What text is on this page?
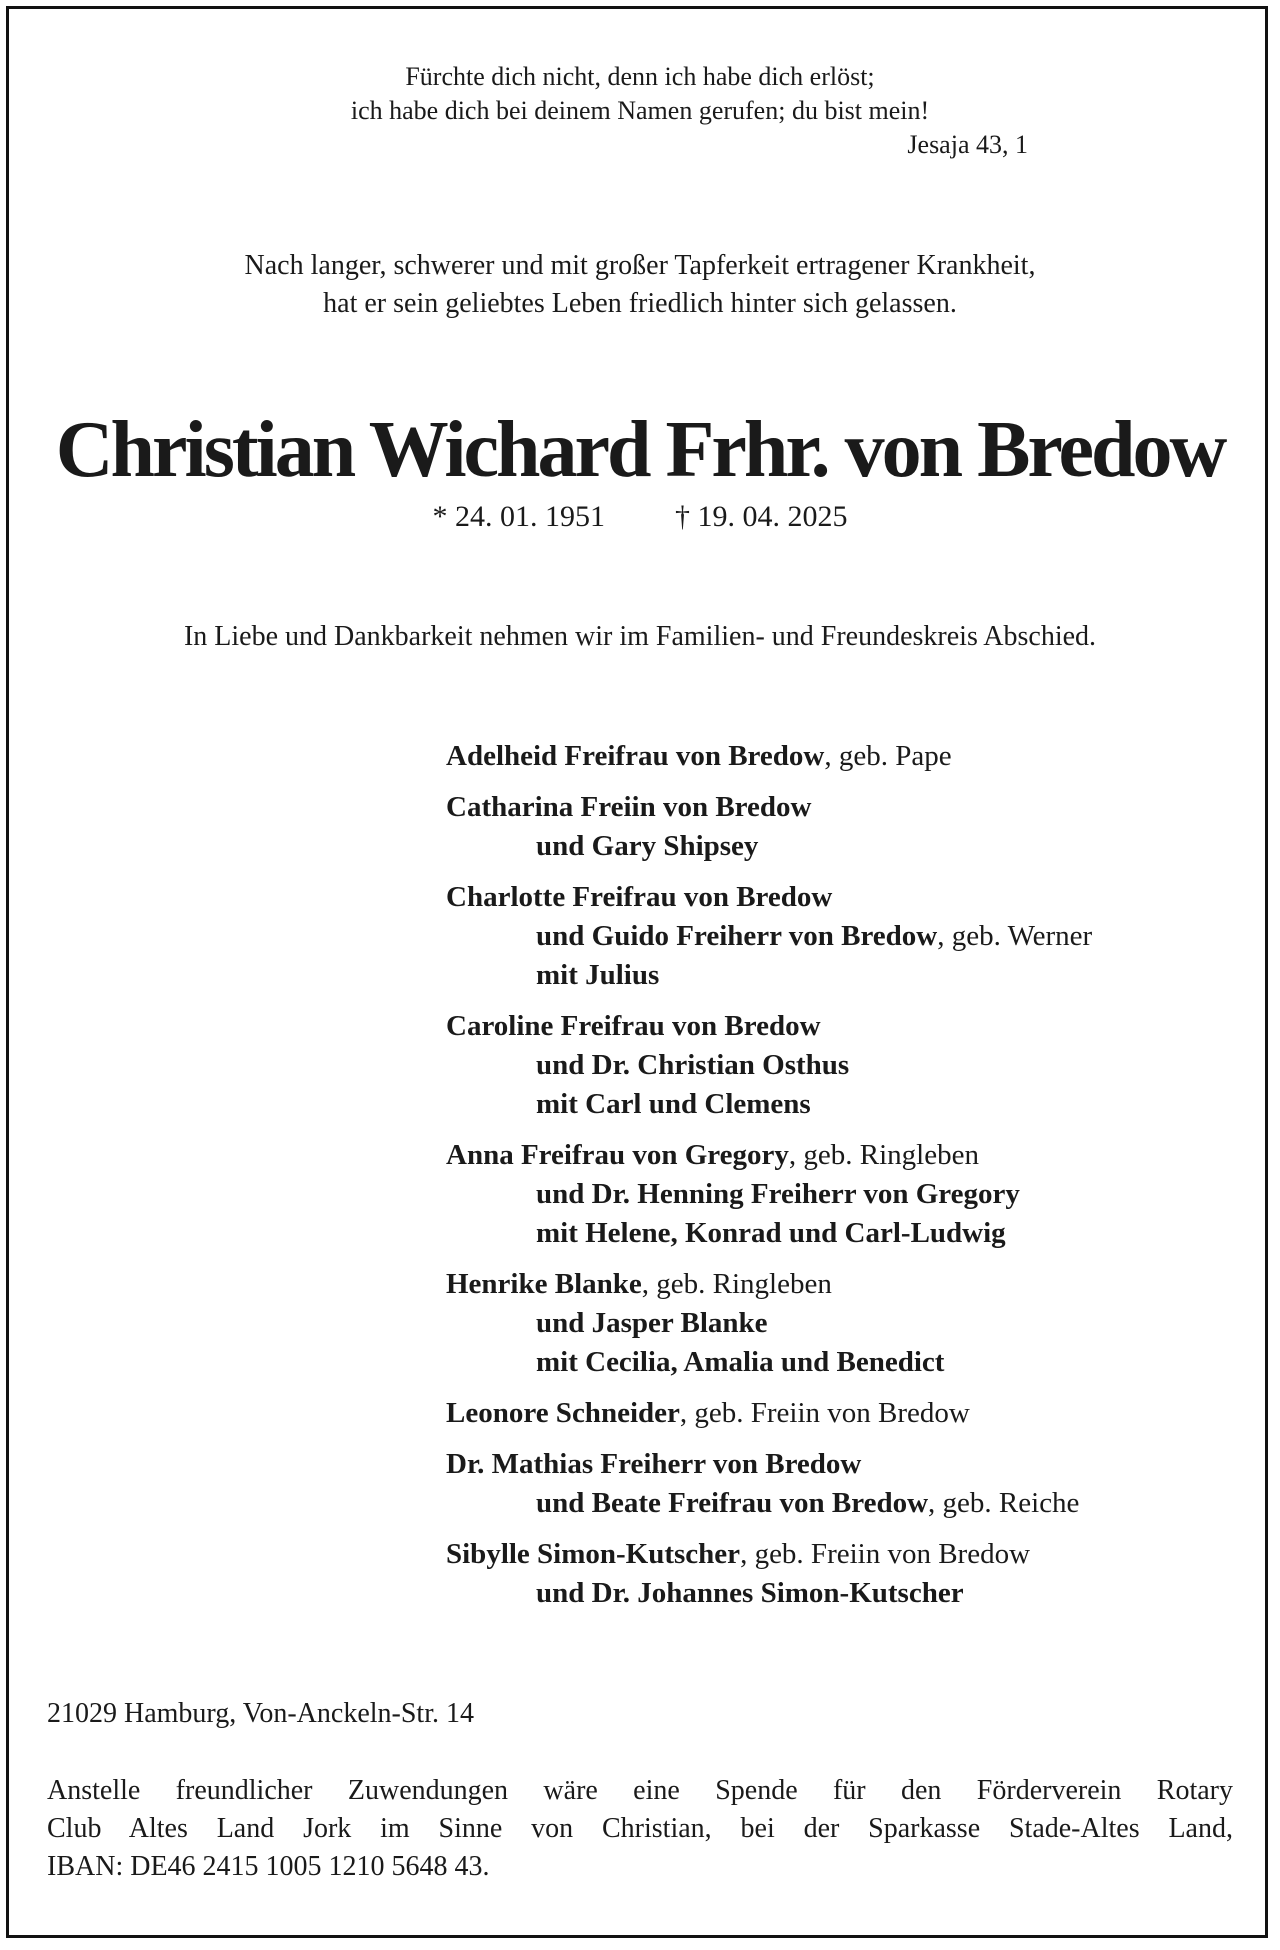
Fürchte dich nicht, denn ich habe dich erlöst;
ich habe dich bei deinem Namen gerufen; du bist mein!
Jesaja 43, 1
Nach langer, schwerer und mit großer Tapferkeit ertragener Krankheit,
hat er sein geliebtes Leben friedlich hinter sich gelassen.
Christian Wichard Frhr. von Bredow
* 24. 01. 1951 † 19. 04. 2025
In Liebe und Dankbarkeit nehmen wir im Familien- und Freundeskreis Abschied.
Adelheid Freifrau von Bredow, geb. Pape
Catharina Freiin von Bredow
und Gary Shipsey
Charlotte Freifrau von Bredow
und Guido Freiherr von Bredow, geb. Werner
mit Julius
Caroline Freifrau von Bredow
und Dr. Christian Osthus
mit Carl und Clemens
Anna Freifrau von Gregory, geb. Ringleben
und Dr. Henning Freiherr von Gregory
mit Helene, Konrad und Carl-Ludwig
Henrike Blanke, geb. Ringleben
und Jasper Blanke
mit Cecilia, Amalia und Benedict
Leonore Schneider, geb. Freiin von Bredow
Dr. Mathias Freiherr von Bredow
und Beate Freifrau von Bredow, geb. Reiche
Sibylle Simon-Kutscher, geb. Freiin von Bredow
und Dr. Johannes Simon-Kutscher
21029 Hamburg, Von-Anckeln-Str. 14
Anstelle freundlicher Zuwendungen wäre eine Spende für den Förderverein Rotary
Club Altes Land Jork im Sinne von Christian, bei der Sparkasse Stade-Altes Land,
IBAN: DE46 2415 1005 1210 5648 43.
